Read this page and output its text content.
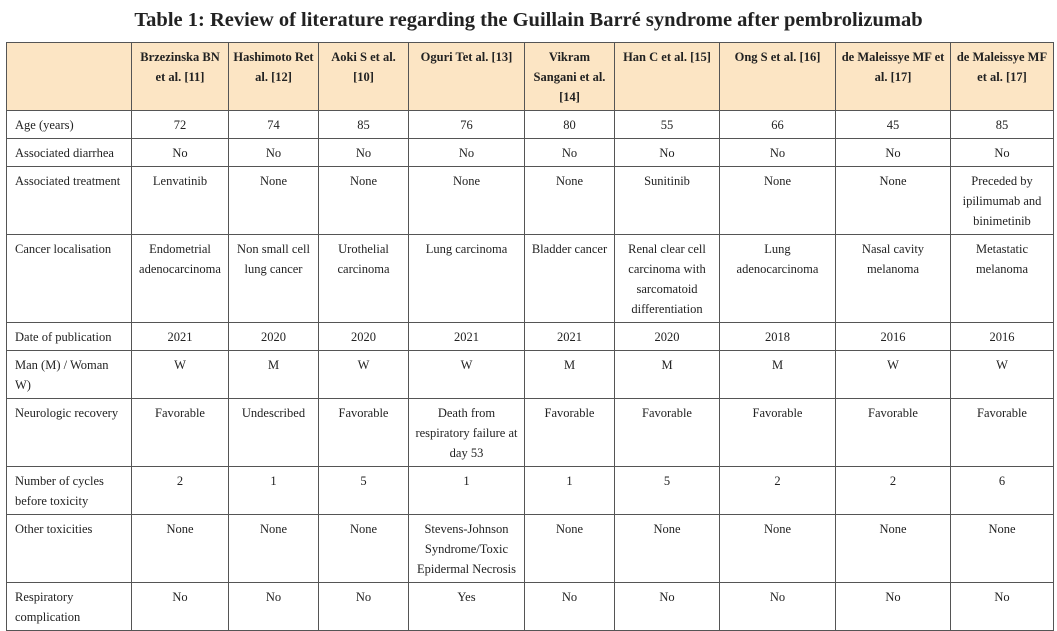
Table 1: Review of literature regarding the Guillain Barré syndrome after pembrolizumab
	Brzezinska BN et al. [11]	Hashimoto Ret al. [12]	Aoki S et al. [10]	Oguri Tet al. [13]	Vikram Sangani et al. [14]	Han C et al. [15]	Ong S et al. [16]	de Maleissye MF et al. [17]	de Maleissye MF et al. [17]
Age (years)	72	74	85	76	80	55	66	45	85
Associated diarrhea	No	No	No	No	No	No	No	No	No
Associated treatment	Lenvatinib	None	None	None	None	Sunitinib	None	None	Preceded by ipilimumab and binimetinib
Cancer localisation	Endometrial adenocarcinoma	Non small cell lung cancer	Urothelial carcinoma	Lung carcinoma	Bladder cancer	Renal clear cell carcinoma with sarcomatoid differentiation	Lung adenocarcinoma	Nasal cavity melanoma	Metastatic melanoma
Date of publication	2021	2020	2020	2021	2021	2020	2018	2016	2016
Man (M) / Woman W)	W	M	W	W	M	M	M	W	W
Neurologic recovery	Favorable	Undescribed	Favorable	Death from respiratory failure at day 53	Favorable	Favorable	Favorable	Favorable	Favorable
Number of cycles before toxicity	2	1	5	1	1	5	2	2	6
Other toxicities	None	None	None	Stevens-Johnson Syndrome/Toxic Epidermal Necrosis	None	None	None	None	None
Respiratory complication	No	No	No	Yes	No	No	No	No	No
